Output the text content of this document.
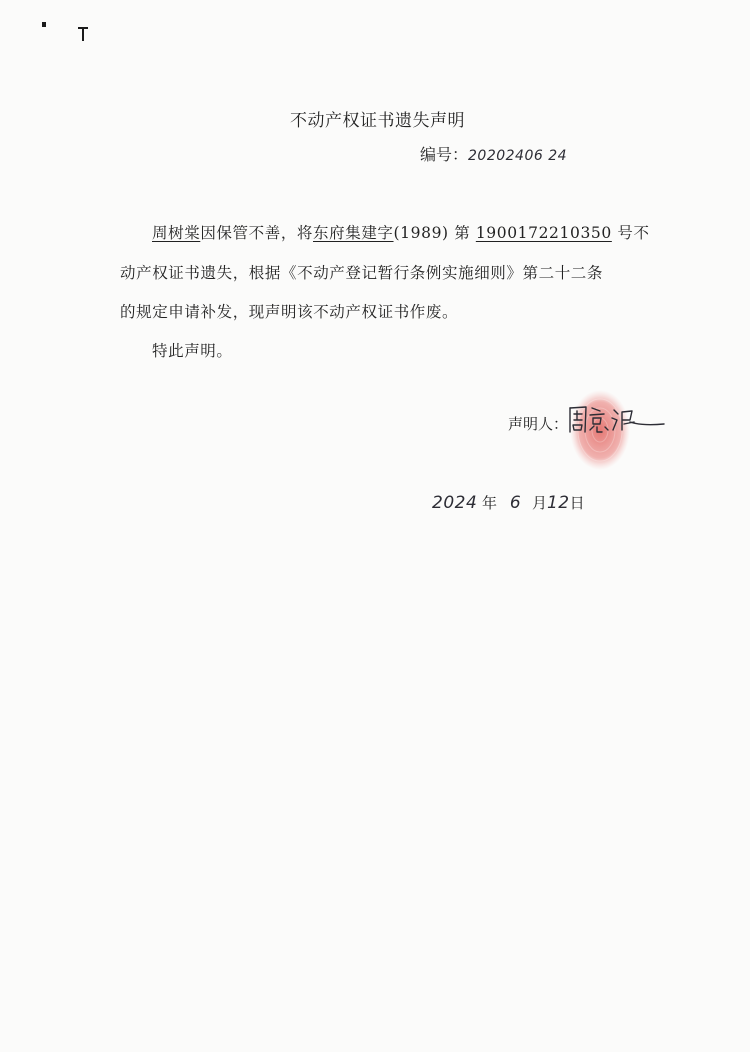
不动产权证书遗失声明
编号：20202406 24
周树棠因保管不善，将东府集建字(1989) 第 1900172210350 号不
动产权证书遗失，根据《不动产登记暂行条例实施细则》第二十二条
的规定申请补发，现声明该不动产权证书作废。
特此声明。
声明人：
2024 年 6 月12日
